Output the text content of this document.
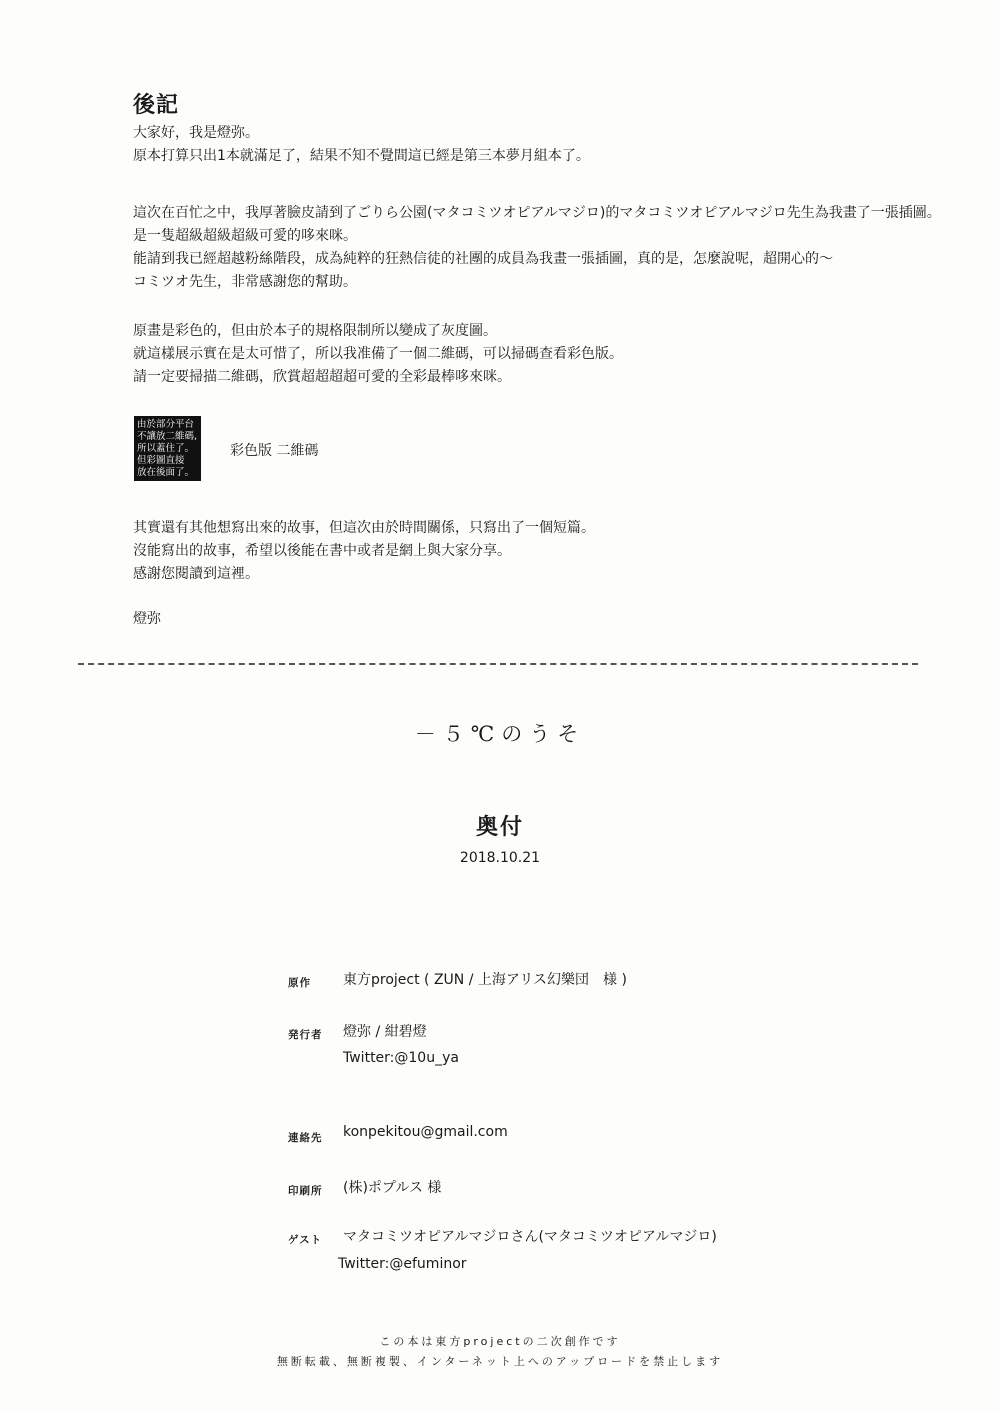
後記
大家好，我是燈弥。
原本打算只出1本就滿足了，結果不知不覺間這已經是第三本夢月組本了。
這次在百忙之中，我厚著臉皮請到了ごりら公園(マタコミツオピアルマジロ)的マタコミツオピアルマジロ先生為我畫了一張插圖。
是一隻超級超級超級可愛的哆來咪。
能請到我已經超越粉絲階段，成為純粹的狂熱信徒的社團的成員為我畫一張插圖，真的是，怎麼說呢，超開心的～
コミツオ先生，非常感謝您的幫助。
原畫是彩色的，但由於本子的規格限制所以變成了灰度圖。
就這樣展示實在是太可惜了，所以我准備了一個二維碼，可以掃碼查看彩色版。
請一定要掃描二維碼，欣賞超超超超可愛的全彩最棒哆來咪。
由於部分平台
不讓放二維碼,
所以蓋住了。
但彩圖直接
放在後面了。
彩色版 二維碼
其實還有其他想寫出來的故事，但這次由於時間關係，只寫出了一個短篇。
沒能寫出的故事，希望以後能在書中或者是網上與大家分享。
感謝您閱讀到這裡。
燈弥
－５℃のうそ
奥付
2018.10.21
原作 東方project ( ZUN / 上海アリス幻樂団　様 )
発行者 燈弥 / 紺碧燈
Twitter:@10u_ya
連絡先 konpekitou@gmail.com
印刷所 (株)ポプルス 様
ゲスト マタコミツオピアルマジロさん(マタコミツオピアルマジロ)
Twitter:@efuminor
この本は東方projectの二次創作です
無断転載、無断複製、インターネット上へのアップロードを禁止します
